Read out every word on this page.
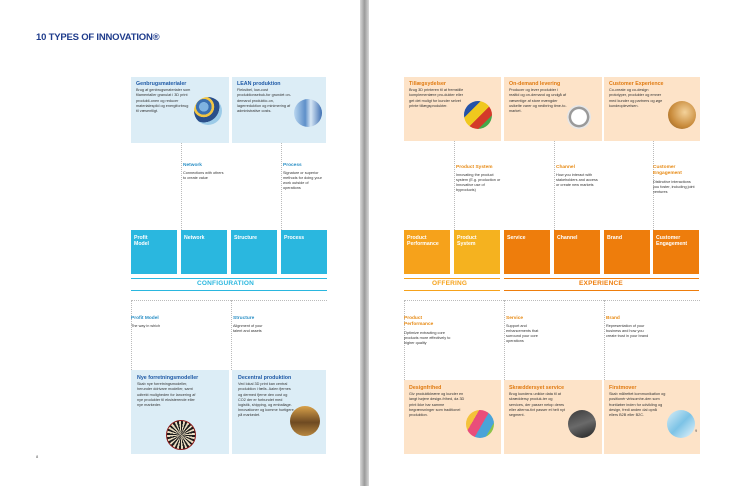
10 TYPES OF INNOVATION®
Genbrugsmaterialer

Brug af genbrugsmaterialer som filamentaller granulat i 3D print produkti-onen og reducer materialespild og energiforbrug til væsentligt.

LEAN produktion

Fleksibel, low-cost produktionsebuk-for grundet on-demand produktio-on, lagerreduktion og minimering af administrative costs.

Network
Connections with others to create value
Process
Signature or superior methods for doing your work outside of operations
Profit Model
Network	Structure	Process
CONFIGURATION
Profit Model
The way in which
Structure
Alignment of your talent and assets
Nye forretningsmodeller

Skab nye forretningsmodeller, herunder ddrivare modeller, samt udtrekt muligheden for lancering af nye produkter til eksisterende eller nye markeder.

Decentral produktion

Ved lokal 3D print kan central produktion i fælls. Aalen fjernes og dermed fjerne den cost og CO2 der er forbundet med logistik, shipping, og emballage. Innovationer og komme hurtigere på markedet.

8
Tillægsydelser

Brug 3D printeren til at fremstille komplementære pro-dukter eller get det muligt for kunder selvet printe tillægsprodukter.

On-demand levering

Producer og lever produkter i realtid og on-demand og undgå af væsentige af store mængder usikelte varer og nedbring time-to-market.

Customer Experience

Co-create og co-design prototyper, produkter og emner med kunder og partners og øge kundeoplevelsen.

Product System
Innovating the product system (E.g. production or Innovative use of byproducts)
Channel
How you interact with stakeholders and access or create new markets
Customer Engagement
Distinctive interactions you foster, including joint ventures
Product Performance
Product System
Service	Channel	Brand	Customer Engagement
OFFERING	EXPERIENCE
Product Performance
Optimize extracting core products more effectively to higher quality
Service
Support and enhancements that surround your core operations
Brand
Representation of your business and how you create trust in your brand
Designfrihed

Giv produktkleære og kunder en langt højere design-frihed, da 3D print ikke har samme begrænsninger som traditionel produktion.

Skræddersyet service

Brug kundens unikke data til at skræddersy produk-ter og services, der passer netop deres eller alterna-tivt passer et helt nyt segment.

Firstmover

Skab målrettet kommunikation og positionér virksomhe-den som frontløber inden for udvikling og design, fredi anden dal opnå ellers B2B eller B2C.

9
